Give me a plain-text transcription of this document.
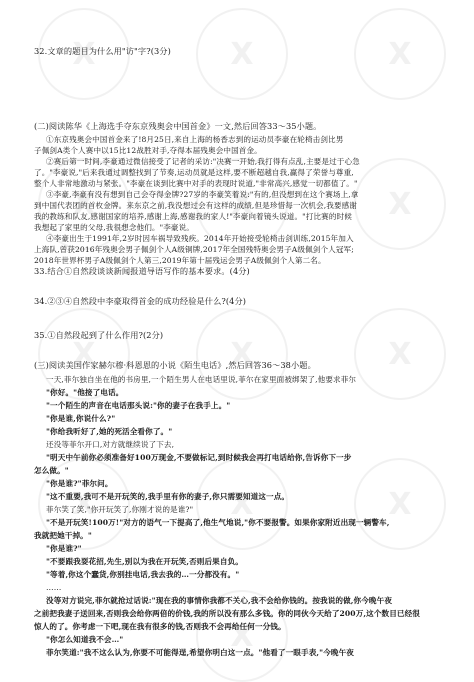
X	X	X
X	X	X
X	X	X
X	X	X
X
32.文章的题目为什么用"访"字?(3分)
(二)阅读陈华《上海选手夺东京残奥会中国首金》一文,然后回答33～35小题。
①东京残奥会中国首金来了!8月25日,来自上海的杨香志到的运动员李豪在轮椅击剑比男
子佩剑A类个人赛中以15比12战胜对手,夺得本届残奥会中国首金。
②赛后第一时间,李豪通过微信接受了记者的采访:"决赛一开始,我打得有点乱,主要是过于心急
了。"李豪说,"后来我通过调整找到了节奏,运动员就是这样,要不断超越自我,赢得了荣誉与尊重,
整个人非常地激动与紧张。"李豪在谈到比赛中对手的表现时说道,"非常高兴,感觉一切都值了。"
③李豪,李豪有没有想到自己会夺得金牌?27岁的李豪笑着说:"有的,但没想到在这个赛场上,拿
到中国代表团的首枚金牌。来东京之前,我没想过会有这样的成绩,但是珍惜每一次机会,我要感谢
我的教练和队友,感谢国家的培养,感谢上海,感谢我的家人!"李豪向着镜头说道。"打比赛的时候
我想起了家里的父母,我很想念他们。"李豪说。
④李豪出生于1991年,2岁时因车祸导致残疾。2014年开始接受轮椅击剑训练,2015年加入
上海队,曾获2016年残奥会男子佩剑个人A级铜牌,2017年全国残特奥会男子A级佩剑个人冠军;
2018年世界杯男子A级佩剑个人第三,2019年第十届残运会男子A级佩剑个人第二名。
33.结合①自然段谈谈新闻报道导语写作的基本要求。(4分)
34.②③④自然段中李豪取得首金的成功经验是什么?(4分)
35.①自然段起到了什么作用?(2分)
(三)阅读美国作家赫尔穆·科恩恩的小说《陌生电话》,然后回答36～38小题。
一天,菲尔独自坐在他的书房里,一个陌生男人在电话里说,菲尔在家里面被绑架了,他要求菲尔
"你好。"他接了电话。
"一个陌生的声音在电话那头说:"你的妻子在我手上。"
"你是谁,你说什么?"
"你给我听好了,她的死活全看你了。"
还没等菲尔开口,对方就继续说了下去,
"明天中午前你必须准备好100万现金,不要做标记,到时候我会再打电话给你,告诉你下一步
怎么做。"
"你是谁?"菲尔问。
"这不重要,我可不是开玩笑的,我手里有你的妻子,你只需要知道这一点。
菲尔笑了笑,"你开玩笑了,你刚才说的是谁?"
"不是开玩笑!100万!"对方的语气一下提高了,他生气地说,"你不要报警。如果你家附近出现一辆警车,
我就把她干掉。"
"你是谁?"
"不要跟我耍花招,先生,别以为我在开玩笑,否则后果自负。
"等着,你这个蠢货,你别挂电话,我去我的…一分都没有。"
……
没等对方说完,菲尔就抢过话说:"现在我的事情你我都不关心,我不会给你钱的。按我说的做,你今晚午夜
之前把我妻子送回来,否则我会给你两倍的价钱,我的所以没有那么多钱。你的同伙今天给了200万,这个数目已经很
惊人的了。你考虑一下吧,现在我有很多的钱,否则我不会再给任何一分钱。
"你怎么知道我不会…"
菲尔笑道:"我不这么认为,你要不可能得逞,希望你明白这一点。"他看了一眼手表,"今晚午夜
